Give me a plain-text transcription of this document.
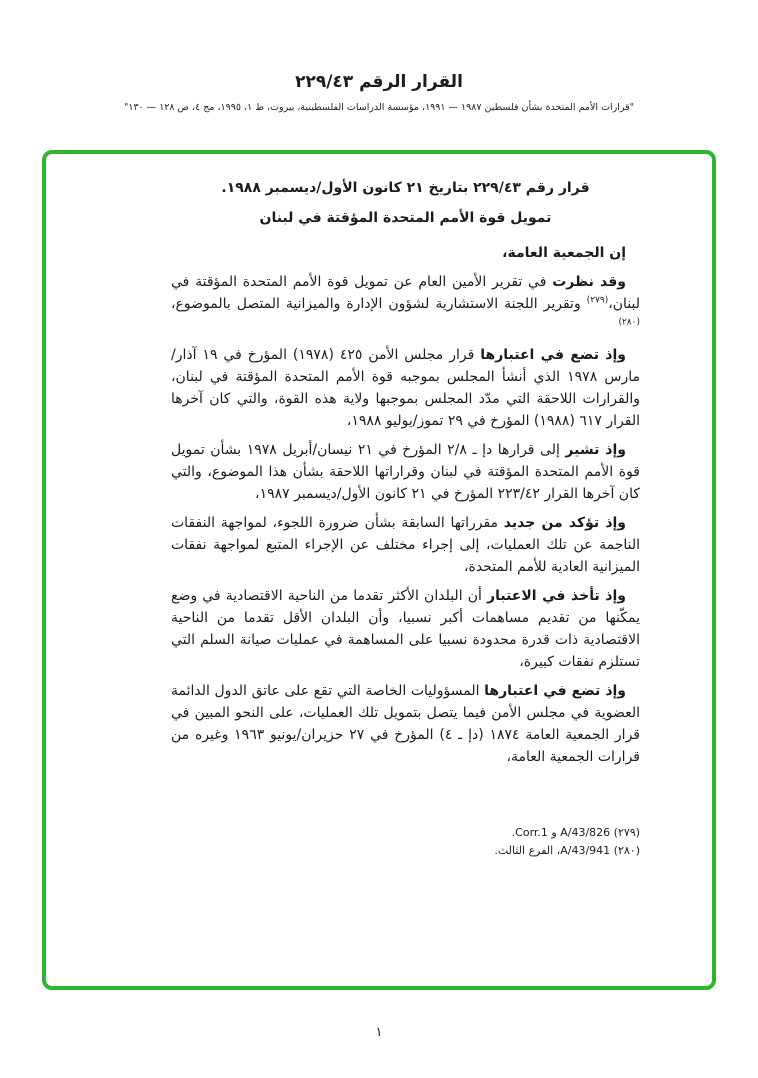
القرار الرقم ٢٢٩/٤٣
"قرارات الأمم المتحدة بشأن فلسطين ١٩٨٧ — ١٩٩١، مؤسسة الدراسات الفلسطينية، بيروت، ط ١، ١٩٩٥، مج ٤، ص ١٢٨ — ١٣٠"
قرار رقم ٢٢٩/٤٣ بتاريخ ٢١ كانون الأول/ديسمبر ١٩٨٨.
تمويل قوة الأمم المتحدة المؤقتة في لبنان

إن الجمعية العامة،

وقد نظرت في تقرير الأمين العام عن تمويل قوة الأمم المتحدة المؤقتة في لبنان،$^{(٢٧٩)}$ وتقرير اللجنة الاستشارية لشؤون الإدارة والميزانية المتصل بالموضوع،$^{(٢٨٠)}$

وإذ تضع في اعتبارها قرار مجلس الأمن ٤٢٥ (١٩٧٨) المؤرخ في ١٩ آذار/مارس ١٩٧٨ الذي أنشأ المجلس بموجبه قوة الأمم المتحدة المؤقتة في لبنان، والقرارات اللاحقة التي مدّد المجلس بموجبها ولاية هذه القوة، والتي كان آخرها القرار ٦١٧ (١٩٨٨) المؤرخ في ٢٩ تموز/يوليو ١٩٨٨،

وإذ تشير إلى قرارها دإ ـ ٢/٨ المؤرخ في ٢١ نيسان/أبريل ١٩٧٨ بشأن تمويل قوة الأمم المتحدة المؤقتة في لبنان وقراراتها اللاحقة بشأن هذا الموضوع، والتي كان آخرها القرار ٢٢٣/٤٢ المؤرخ في ٢١ كانون الأول/ديسمبر ١٩٨٧،

وإذ تؤكد من جديد مقرراتها السابقة بشأن ضرورة اللجوء، لمواجهة النفقات الناجمة عن تلك العمليات، إلى إجراء مختلف عن الإجراء المتبع لمواجهة نفقات الميزانية العادية للأمم المتحدة،

وإذ تأخذ في الاعتبار أن البلدان الأكثر تقدما من الناحية الاقتصادية في وضع يمكّنها من تقديم مساهمات أكبر نسبيا، وأن البلدان الأقل تقدما من الناحية الاقتصادية ذات قدرة محدودة نسبيا على المساهمة في عمليات صيانة السلم التي تستلزم نفقات كبيرة،

وإذ تضع في اعتبارها المسؤوليات الخاصة التي تقع على عاتق الدول الدائمة العضوية في مجلس الأمن فيما يتصل بتمويل تلك العمليات، على النحو المبين في قرار الجمعية العامة ١٨٧٤ (دإ ـ ٤) المؤرخ في ٢٧ حزيران/يونيو ١٩٦٣ وغيره من قرارات الجمعية العامة،

(٢٧٩) A/43/826 و Corr.1.
(٢٨٠) A/43/941، الفرع الثالث.
١
